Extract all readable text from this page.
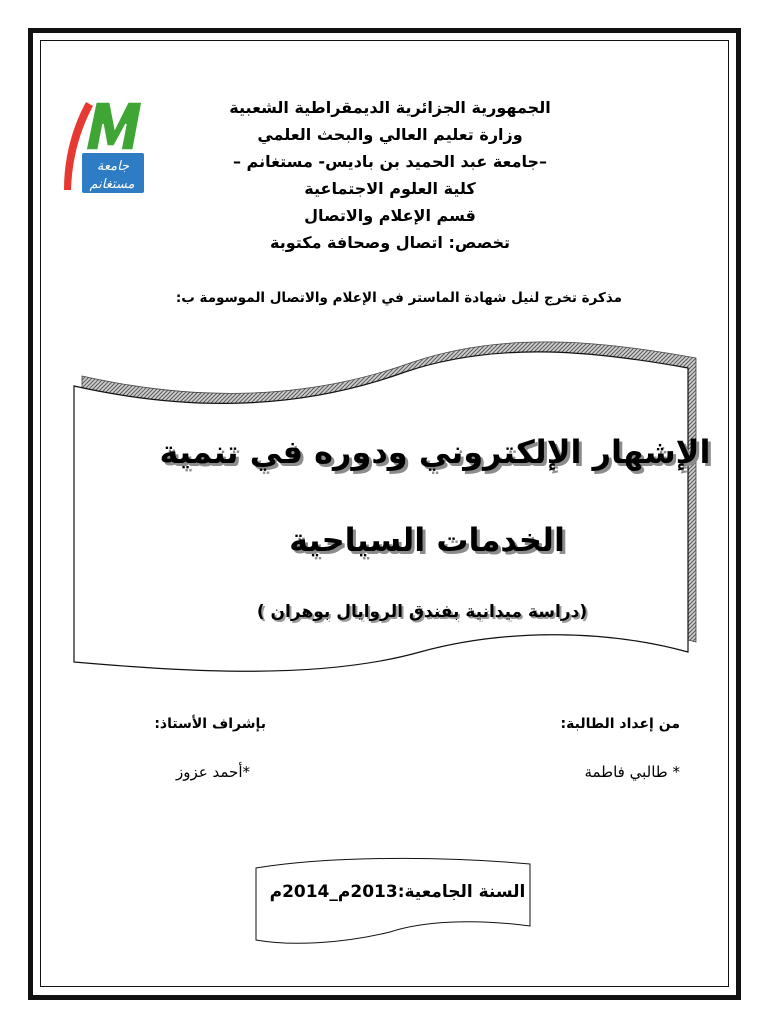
جامعة
مستغانم
الجمهورية الجزائرية الديمقراطية الشعبية
وزارة تعليم العالي والبحث العلمي
–جامعة عبد الحميد بن باديس- مستغانم –
كلية العلوم الاجتماعية
قسم الإعلام والاتصال
تخصص: اتصال وصحافة مكتوبة
مذكرة تخرج لنيل شهادة الماستر في الإعلام والاتصال الموسومة ب:
الإشهار الإلكتروني ودوره في تنمية
الخدمات السياحية
(دراسة ميدانية بفندق الروايال بوهران )
من إعداد الطالبة:
بإشراف الأستاذ:
* طالبي فاطمة
*أحمد عزوز
السنة الجامعية:2013م_2014م
